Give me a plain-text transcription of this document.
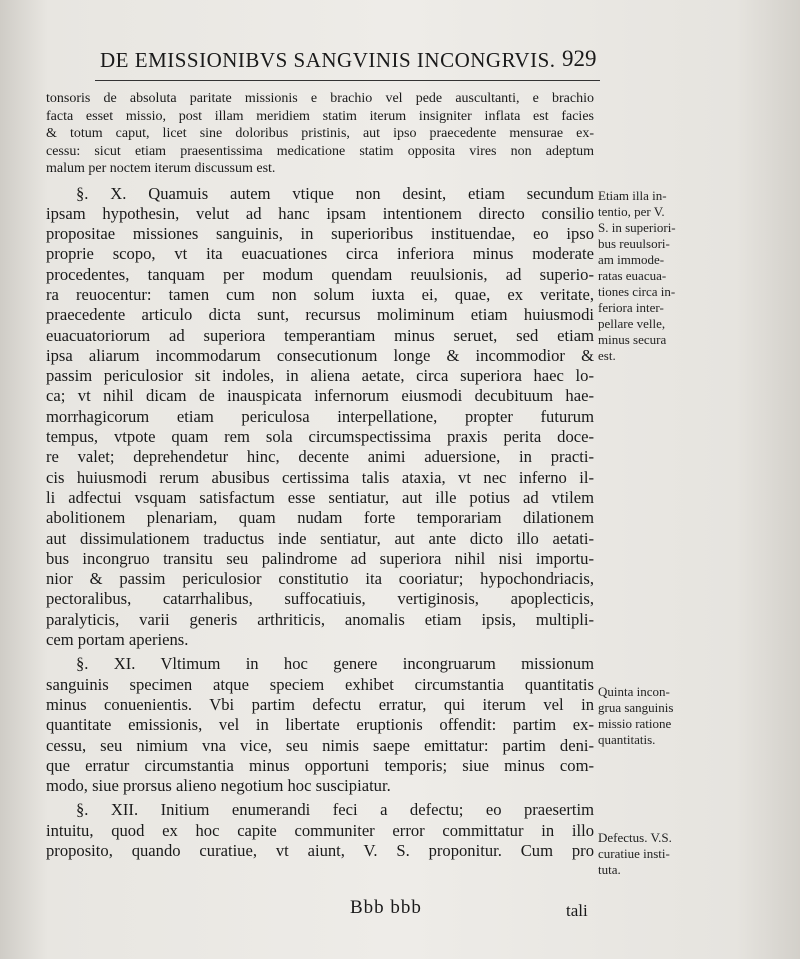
DE EMISSIONIBVS SANGVINIS INCONGRVIS. 929

tonsoris de absoluta paritate missionis e brachio vel pede auscultanti, e brachio
facta esset missio, post illam meridiem statim iterum insigniter inflata est facies
& totum caput, licet sine doloribus pristinis, aut ipso praecedente mensurae ex-
cessu: sicut etiam praesentissima medicatione statim opposita vires non adeptum
malum per noctem iterum discussum est.

§. X. Quamuis autem vtique non desint, etiam secundum
ipsam hypothesin, velut ad hanc ipsam intentionem directo consilio
propositae missiones sanguinis, in superioribus instituendae, eo ipso
proprie scopo, vt ita euacuationes circa inferiora minus moderate
procedentes, tanquam per modum quendam reuulsionis, ad superio-
ra reuocentur: tamen cum non solum iuxta ei, quae, ex veritate,
praecedente articulo dicta sunt, recursus moliminum etiam huiusmodi
euacuatoriorum ad superiora temperantiam minus seruet, sed etiam
ipsa aliarum incommodarum consecutionum longe & incommodior &
passim periculosior sit indoles, in aliena aetate, circa superiora haec lo-
ca; vt nihil dicam de inauspicata infernorum eiusmodi decubituum hae-
morrhagicorum etiam periculosa interpellatione, propter futurum
tempus, vtpote quam rem sola circumspectissima praxis perita doce-
re valet; deprehendetur hinc, decente animi aduersione, in practi-
cis huiusmodi rerum abusibus certissima talis ataxia, vt nec inferno il-
li adfectui vsquam satisfactum esse sentiatur, aut ille potius ad vtilem
abolitionem plenariam, quam nudam forte temporariam dilationem
aut dissimulationem traductus inde sentiatur, aut ante dicto illo aetati-
bus incongruo transitu seu palindrome ad superiora nihil nisi importu-
nior & passim periculosior constitutio ita cooriatur; hypochondriacis,
pectoralibus, catarrhalibus, suffocatiuis, vertiginosis, apoplecticis,
paralyticis, varii generis arthriticis, anomalis etiam ipsis, multipli-
cem portam aperiens.

§. XI. Vltimum in hoc genere incongruarum missionum
sanguinis specimen atque speciem exhibet circumstantia quantitatis
minus conuenientis. Vbi partim defectu erratur, qui iterum vel in
quantitate emissionis, vel in libertate eruptionis offendit: partim ex-
cessu, seu nimium vna vice, seu nimis saepe emittatur: partim deni-
que erratur circumstantia minus opportuni temporis; siue minus com-
modo, siue prorsus alieno negotium hoc suscipiatur.

§. XII. Initium enumerandi feci a defectu; eo praesertim
intuitu, quod ex hoc capite communiter error committatur in illo
proposito, quando curatiue, vt aiunt, V. S. proponitur. Cum pro

Etiam illa in-
tentio, per V.
S. in superiori-
bus reuulsori-
am immode-
ratas euacua-
tiones circa in-
feriora inter-
pellare velle,
minus secura
est.
Quinta incon-
grua sanguinis
missio ratione
quantitatis.
Defectus. V.S.
curatiue insti-
tuta.

Bbb bbb	tali
